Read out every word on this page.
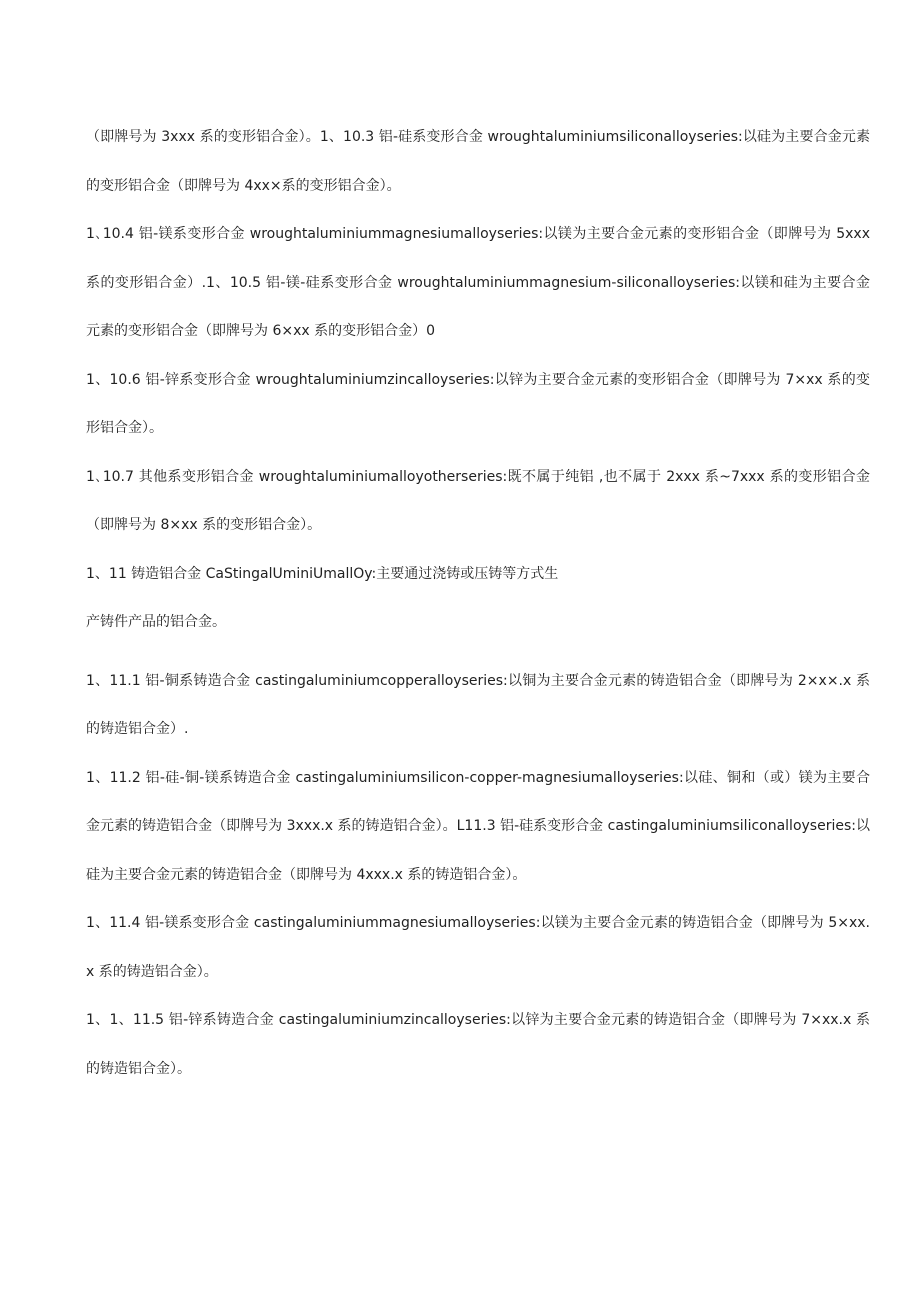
（即牌号为 3xxx 系的变形铝合金）。1、10.3 铝-硅系变形合金 wroughtaluminiumsiliconalloyseries:以硅为主要合金元素的变形铝合金（即牌号为 4xx×系的变形铝合金）。

1､10.4 铝-镁系变形合金 wroughtaluminiummagnesiumalloyseries:以镁为主要合金元素的变形铝合金（即牌号为 5xxx 系的变形铝合金）.1、10.5 铝-镁-硅系变形合金 wroughtaluminiummagnesium-siliconalloyseries:以镁和硅为主要合金元素的变形铝合金（即牌号为 6×xx 系的变形铝合金）0

1、10.6 铝-锌系变形合金 wroughtaluminiumzincalloyseries:以锌为主要合金元素的变形铝合金（即牌号为 7×xx 系的变形铝合金）。

1､10.7 其他系变形铝合金 wroughtaluminiumalloyotherseries:既不属于纯铝 ,也不属于 2xxx 系~7xxx 系的变形铝合金（即牌号为 8×xx 系的变形铝合金）。

1、11 铸造铝合金 CaStingalUminiUmallOy:主要通过浇铸或压铸等方式生

产铸件产品的铝合金。

1、11.1 铝-铜系铸造合金 castingaluminiumcopperalloyseries:以铜为主要合金元素的铸造铝合金（即牌号为 2×x×.x 系的铸造铝合金）.

1、11.2 铝-硅-铜-镁系铸造合金 castingaluminiumsilicon-copper-magnesiumalloyseries:以硅、铜和（或）镁为主要合金元素的铸造铝合金（即牌号为 3xxx.x 系的铸造铝合金）。L11.3 铝-硅系变形合金 castingaluminiumsiliconalloyseries:以硅为主要合金元素的铸造铝合金（即牌号为 4xxx.x 系的铸造铝合金）。

1、11.4 铝-镁系变形合金 castingaluminiummagnesiumalloyseries:以镁为主要合金元素的铸造铝合金（即牌号为 5×xx.x 系的铸造铝合金）。

1、1、11.5 铝-锌系铸造合金 castingaluminiumzincalloyseries:以锌为主要合金元素的铸造铝合金（即牌号为 7×xx.x 系的铸造铝合金）。
